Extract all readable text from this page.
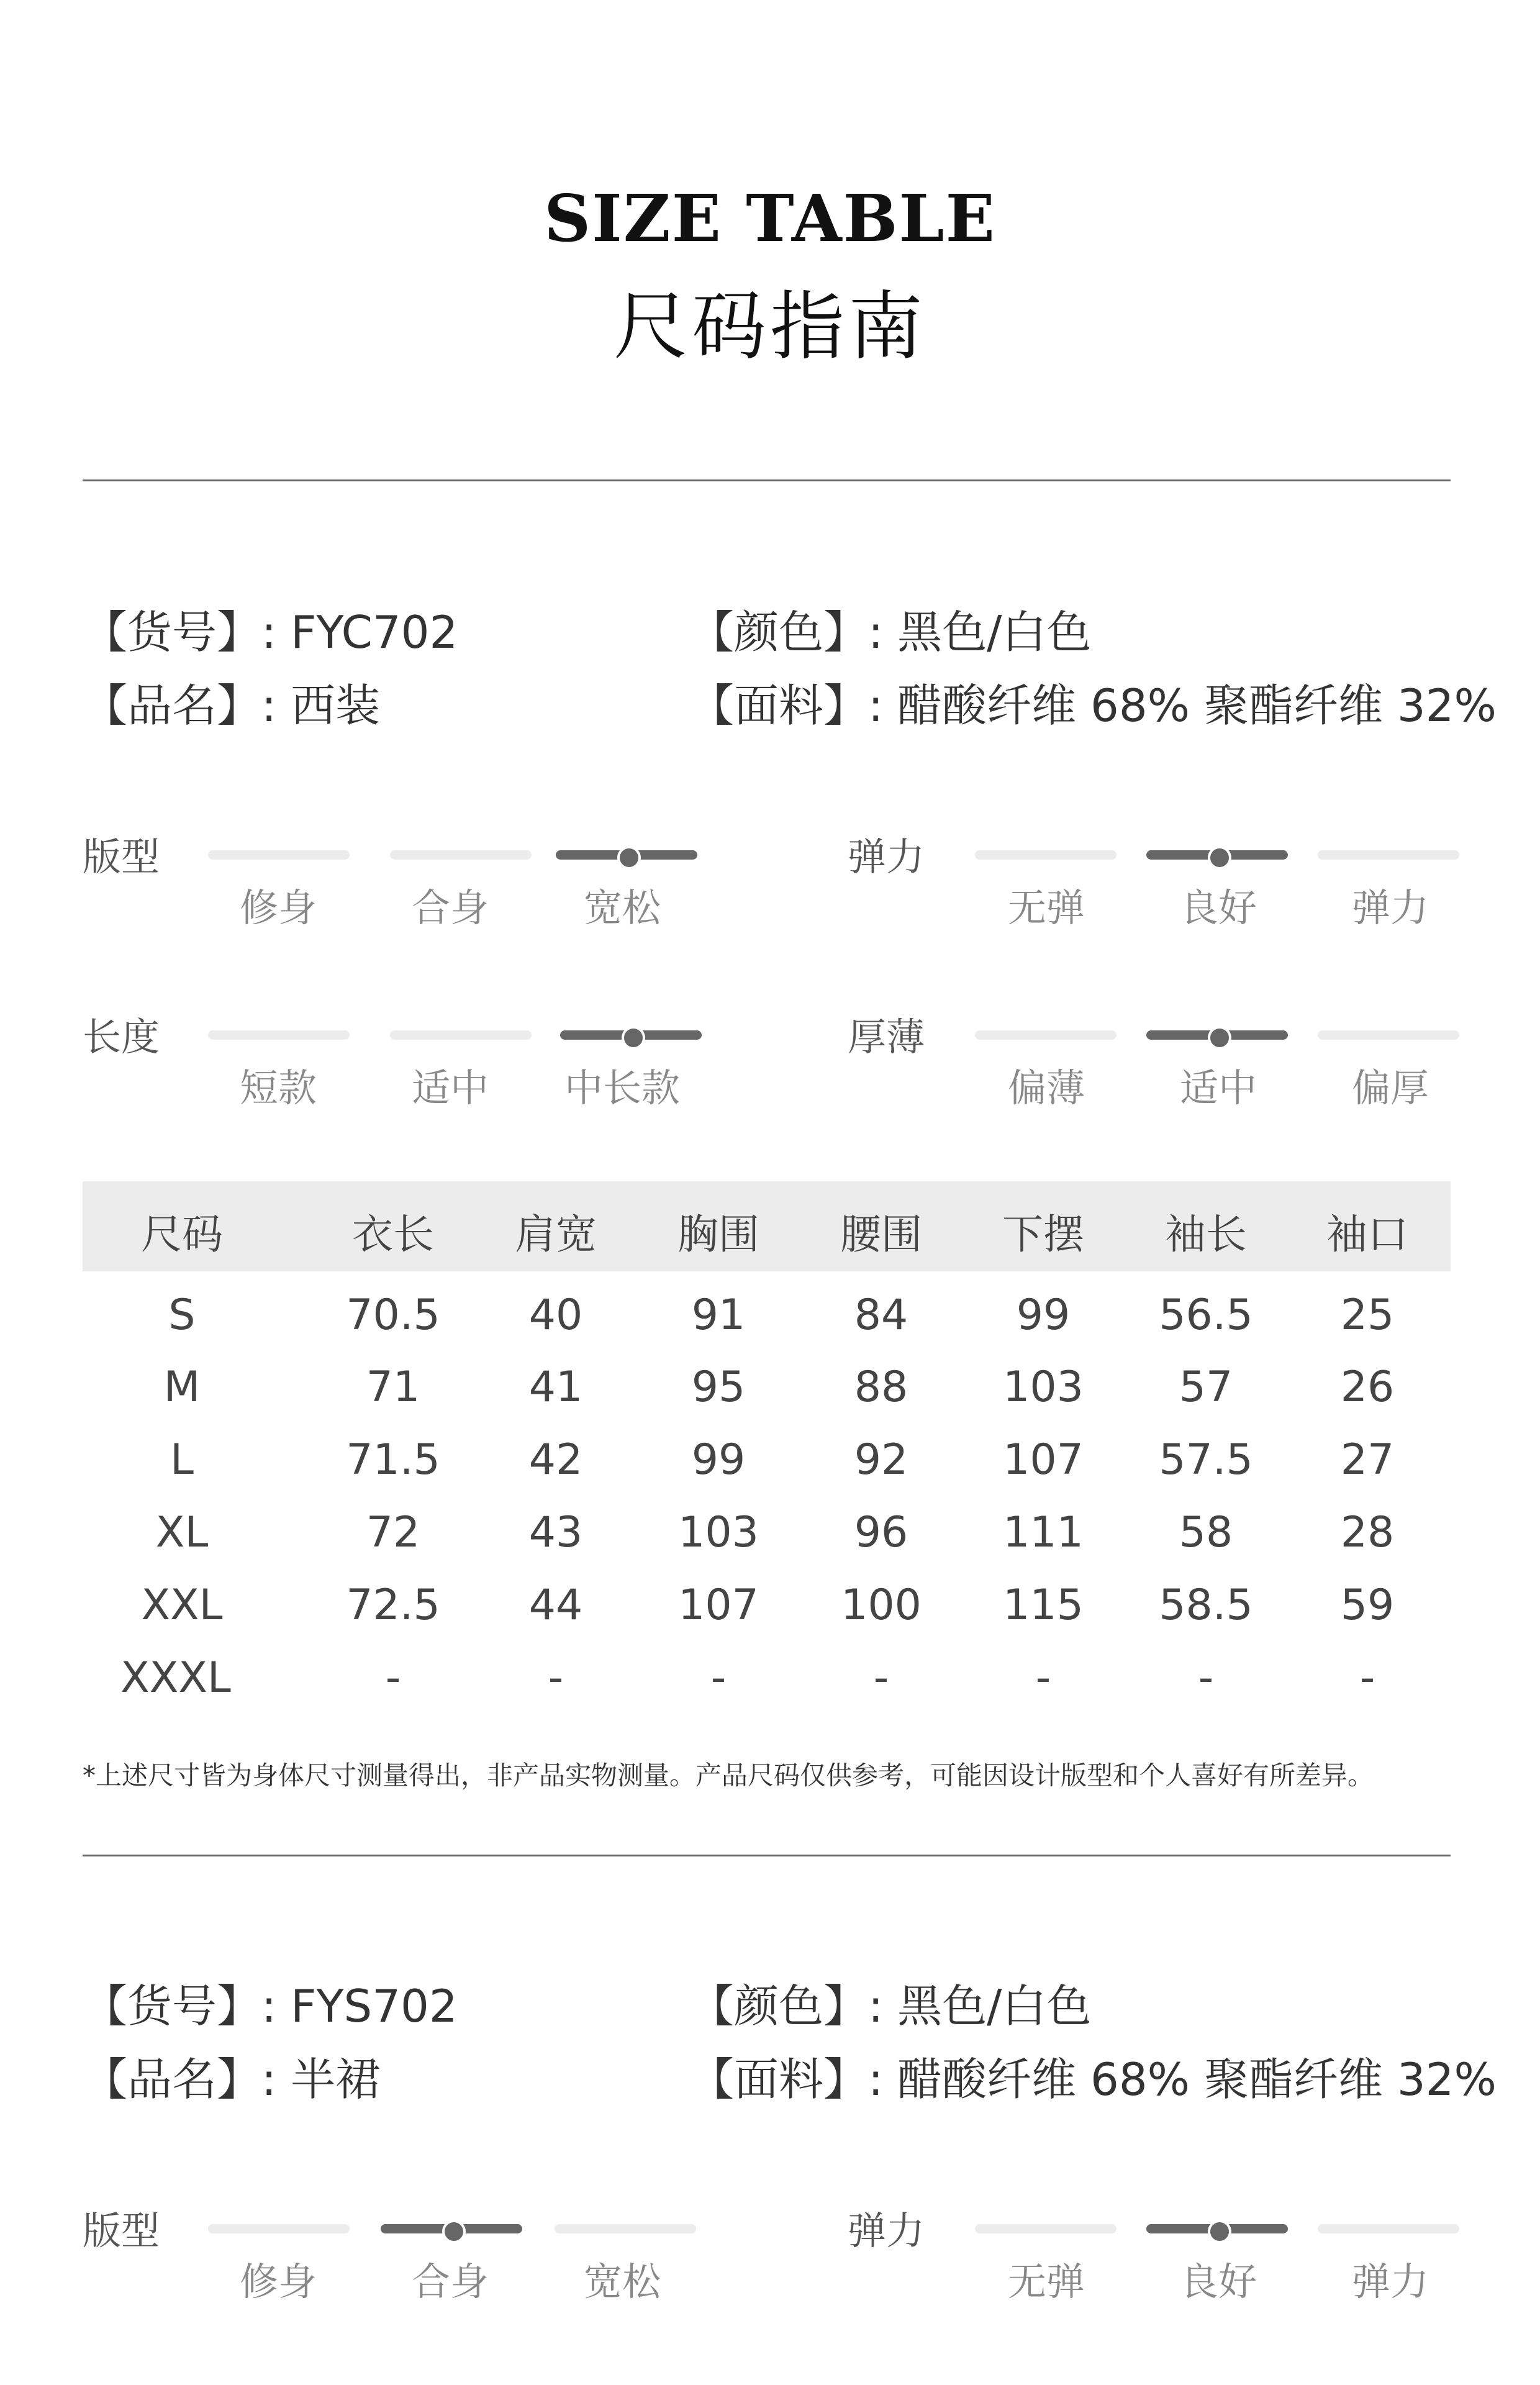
SIZE TABLE
尺码指南
【货号】: FYC702	【颜色】: 黑色/白色
【品名】: 西装	【面料】: 醋酸纤维 68% 聚酯纤维 32%
版型
修身	合身	宽松
弹力
无弹	良好	弹力
长度
短款	适中	中长款
厚薄
偏薄	适中	偏厚
尺码	衣长	肩宽	胸围	腰围	下摆	袖长	袖口
S	70.5	40	91	84	99	56.5	25
M	71	41	95	88	103	57	26
L	71.5	42	99	92	107	57.5	27
XL	72	43	103	96	111	58	28
XXL	72.5	44	107	100	115	58.5	59
XXXL	-	-	-	-	-	-	-
*上述尺寸皆为身体尺寸测量得出，非产品实物测量。产品尺码仅供参考，可能因设计版型和个人喜好有所差异。
【货号】: FYS702	【颜色】: 黑色/白色
【品名】: 半裙	【面料】: 醋酸纤维 68% 聚酯纤维 32%
版型
修身	合身	宽松
弹力
无弹	良好	弹力
